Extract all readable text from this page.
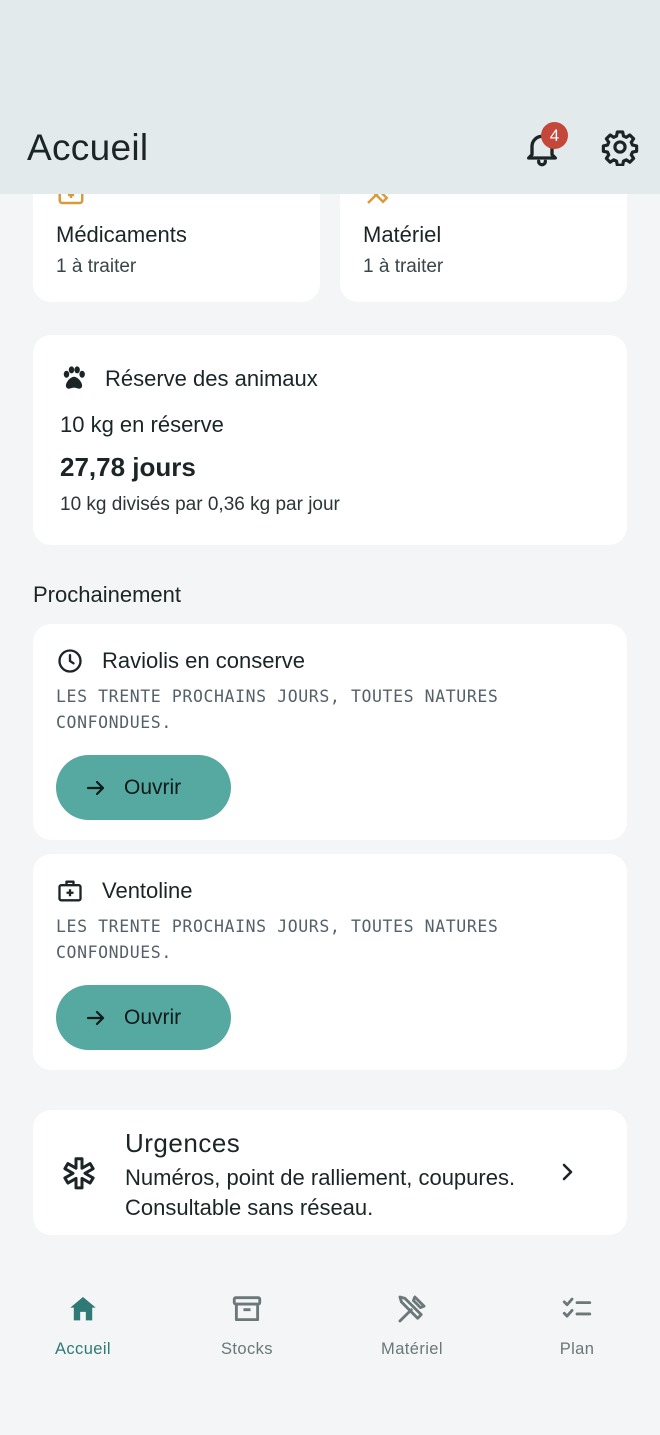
Médicaments
1 à traiter
Matériel
1 à traiter
Accueil	4
Réserve des animaux
10 kg en réserve
27,78 jours
10 kg divisés par 0,36 kg par jour
Prochainement
Raviolis en conserve
LES TRENTE PROCHAINS JOURS, TOUTES NATURES CONFONDUES.
Ouvrir
Ventoline
LES TRENTE PROCHAINS JOURS, TOUTES NATURES CONFONDUES.
Ouvrir
Urgences
Numéros, point de ralliement, coupures. Consultable sans réseau.
Accueil	Stocks	Matériel	Plan
